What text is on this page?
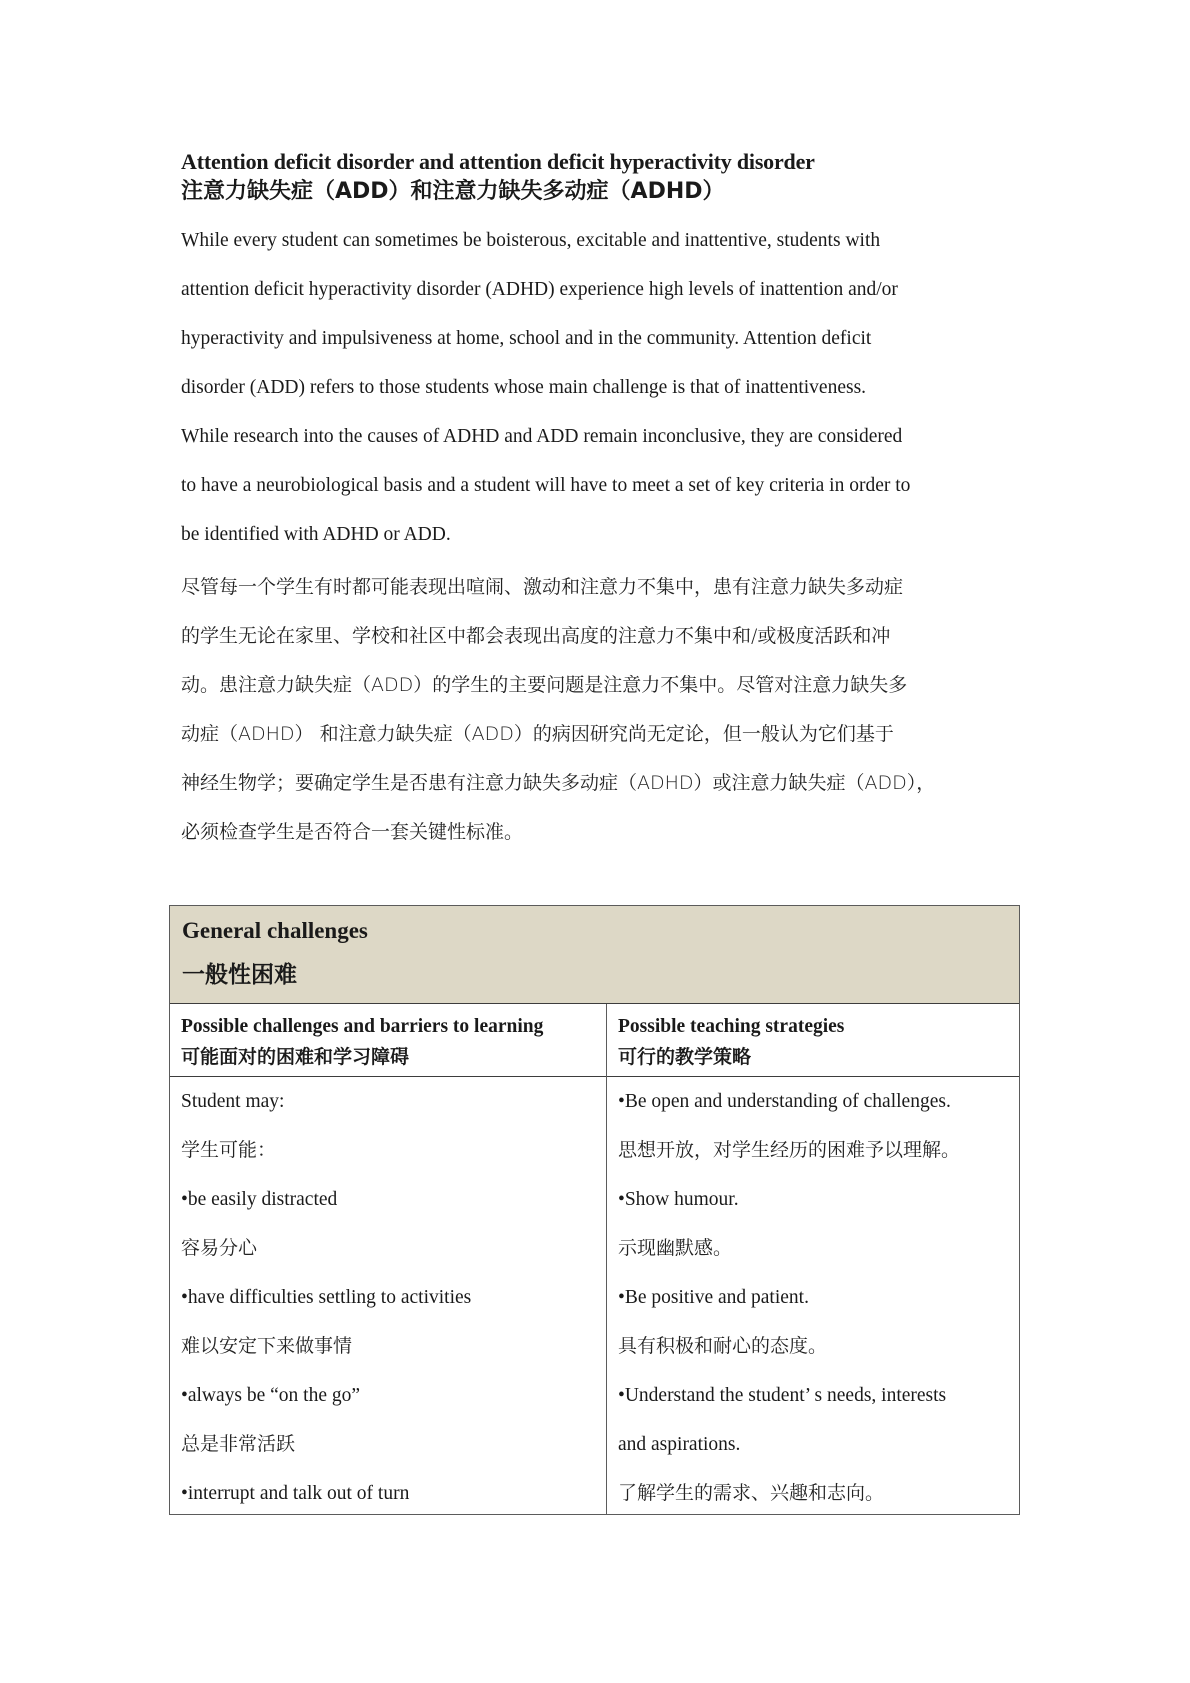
Attention deficit disorder and attention deficit hyperactivity disorder
注意力缺失症（ADD）和注意力缺失多动症（ADHD）

While every student can sometimes be boisterous, excitable and inattentive, students with
attention deficit hyperactivity disorder (ADHD) experience high levels of inattention and/or
hyperactivity and impulsiveness at home, school and in the community. Attention deficit
disorder (ADD) refers to those students whose main challenge is that of inattentiveness.
While research into the causes of ADHD and ADD remain inconclusive, they are considered
to have a neurobiological basis and a student will have to meet a set of key criteria in order to
be identified with ADHD or ADD.

尽管每一个学生有时都可能表现出喧闹、激动和注意力不集中，患有注意力缺失多动症
的学生无论在家里、学校和社区中都会表现出高度的注意力不集中和/或极度活跃和冲
动。患注意力缺失症（ADD）的学生的主要问题是注意力不集中。尽管对注意力缺失多
动症（ADHD） 和注意力缺失症（ADD）的病因研究尚无定论，但一般认为它们基于
神经生物学；要确定学生是否患有注意力缺失多动症（ADHD）或注意力缺失症（ADD），
必须检查学生是否符合一套关键性标准。

General challenges
一般性困难
Possible challenges and barriers to learning
可能面对的困难和学习障碍
Possible teaching strategies
可行的教学策略
Student may:
学生可能：
•be easily distracted
容易分心
•have difficulties settling to activities
难以安定下来做事情
•always be “on the go”
总是非常活跃
•interrupt and talk out of turn
•Be open and understanding of challenges.
思想开放，对学生经历的困难予以理解。
•Show humour.
示现幽默感。
•Be positive and patient.
具有积极和耐心的态度。
•Understand the student’ s needs, interests
and aspirations.
了解学生的需求、兴趣和志向。
